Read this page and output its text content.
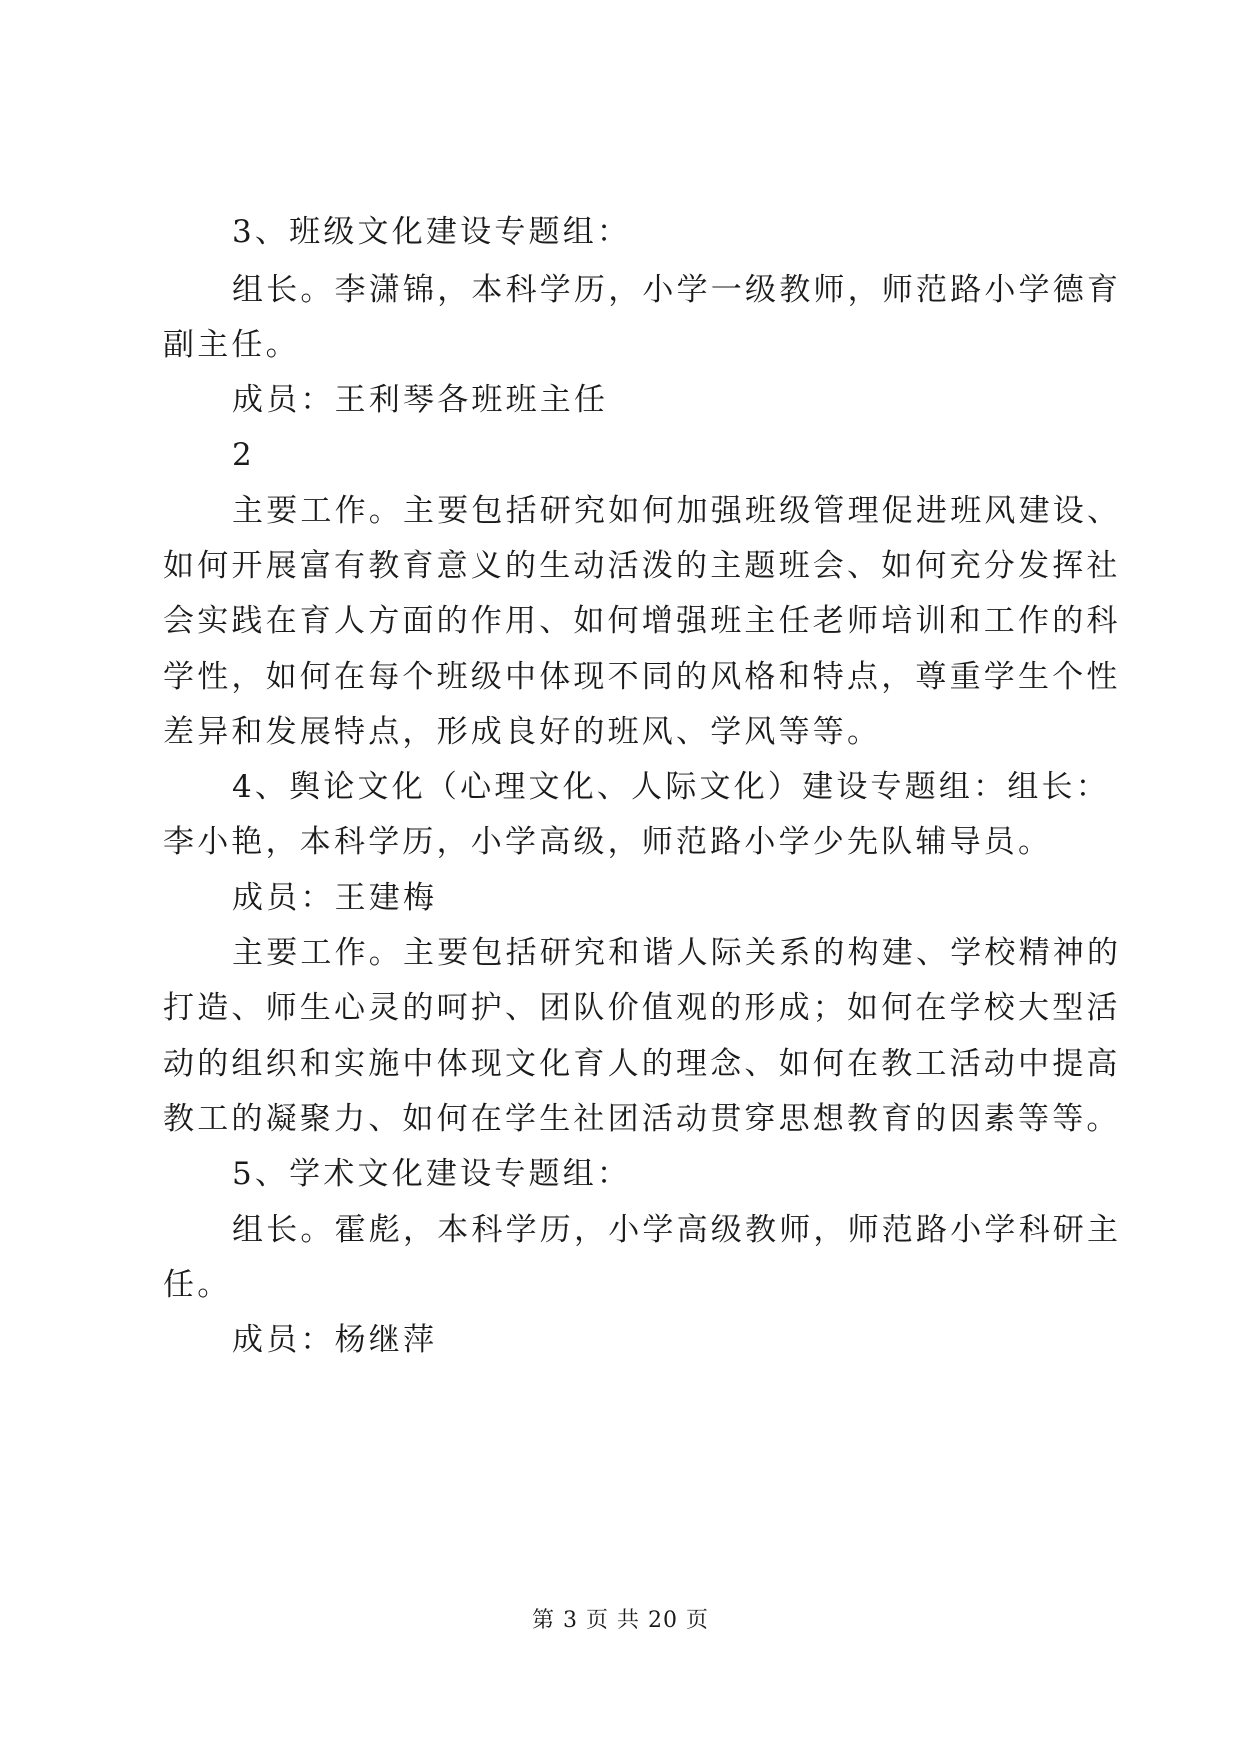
3、班级文化建设专题组：
组长。李潇锦，本科学历，小学一级教师，师范路小学德育
副主任。
成员：王利琴各班班主任
2
主要工作。主要包括研究如何加强班级管理促进班风建设、
如何开展富有教育意义的生动活泼的主题班会、如何充分发挥社
会实践在育人方面的作用、如何增强班主任老师培训和工作的科
学性，如何在每个班级中体现不同的风格和特点，尊重学生个性
差异和发展特点，形成良好的班风、学风等等。
4、舆论文化（心理文化、人际文化）建设专题组：组长：
李小艳，本科学历，小学高级，师范路小学少先队辅导员。
成员：王建梅
主要工作。主要包括研究和谐人际关系的构建、学校精神的
打造、师生心灵的呵护、团队价值观的形成；如何在学校大型活
动的组织和实施中体现文化育人的理念、如何在教工活动中提高
教工的凝聚力、如何在学生社团活动贯穿思想教育的因素等等。
5、学术文化建设专题组：
组长。霍彪，本科学历，小学高级教师，师范路小学科研主
任。
成员：杨继萍
第 3 页 共 20 页
